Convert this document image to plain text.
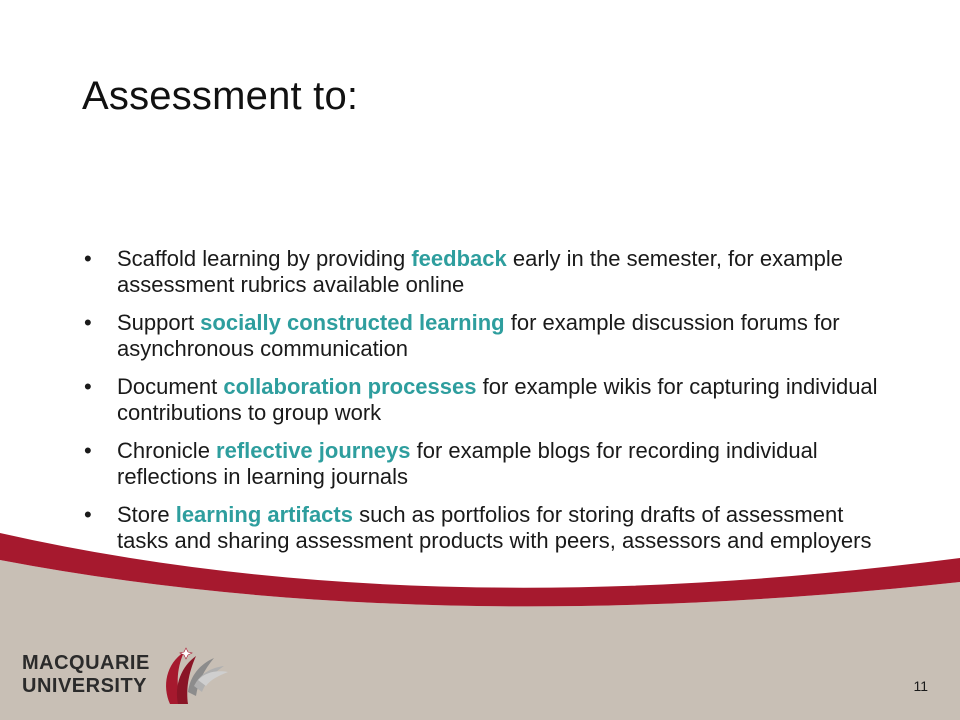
Assessment to:
• Scaffold learning by providing feedback early in the semester, for example assessment rubrics available online
• Support socially constructed learning for example discussion forums for asynchronous communication
• Document collaboration processes for example wikis for capturing individual contributions to group work
• Chronicle reflective journeys for example blogs for recording individual reflections in learning journals
• Store learning artifacts such as portfolios for storing drafts of assessment tasks and sharing assessment products with peers, assessors and employers
MACQUARIE
UNIVERSITY	11
